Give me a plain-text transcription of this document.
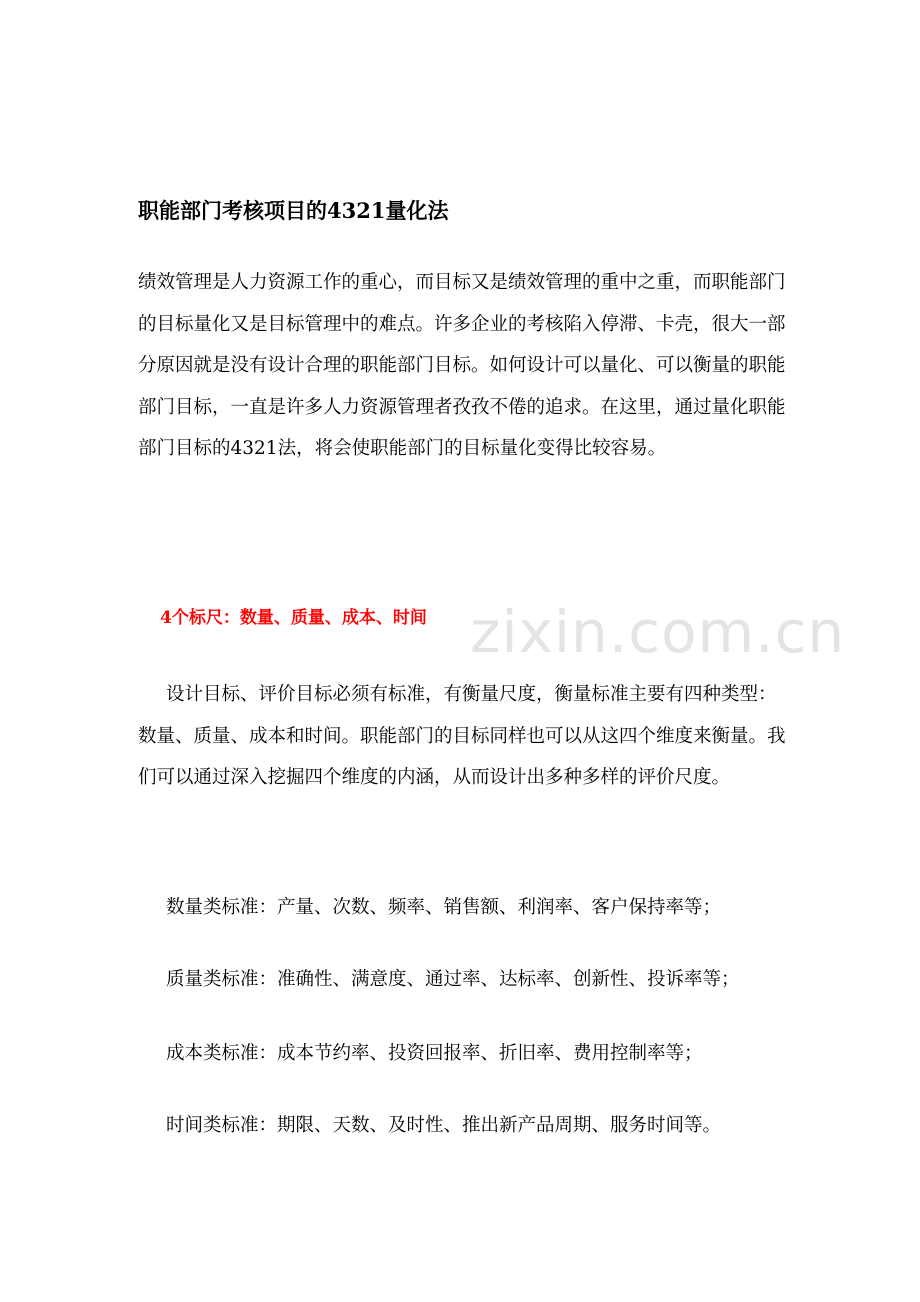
职能部门考核项目的4321量化法

绩效管理是人力资源工作的重心，而目标又是绩效管理的重中之重，而职能部门的目标量化又是目标管理中的难点。许多企业的考核陷入停滞、卡壳，很大一部分原因就是没有设计合理的职能部门目标。如何设计可以量化、可以衡量的职能部门目标，一直是许多人力资源管理者孜孜不倦的追求。在这里，通过量化职能部门目标的4321法，将会使职能部门的目标量化变得比较容易。

4个标尺：数量、质量、成本、时间

设计目标、评价目标必须有标准，有衡量尺度，衡量标准主要有四种类型：数量、质量、成本和时间。职能部门的目标同样也可以从这四个维度来衡量。我们可以通过深入挖掘四个维度的内涵，从而设计出多种多样的评价尺度。

数量类标准：产量、次数、频率、销售额、利润率、客户保持率等；
质量类标准：准确性、满意度、通过率、达标率、创新性、投诉率等；
成本类标准：成本节约率、投资回报率、折旧率、费用控制率等；
时间类标准：期限、天数、及时性、推出新产品周期、服务时间等。
zixin.com.cn
